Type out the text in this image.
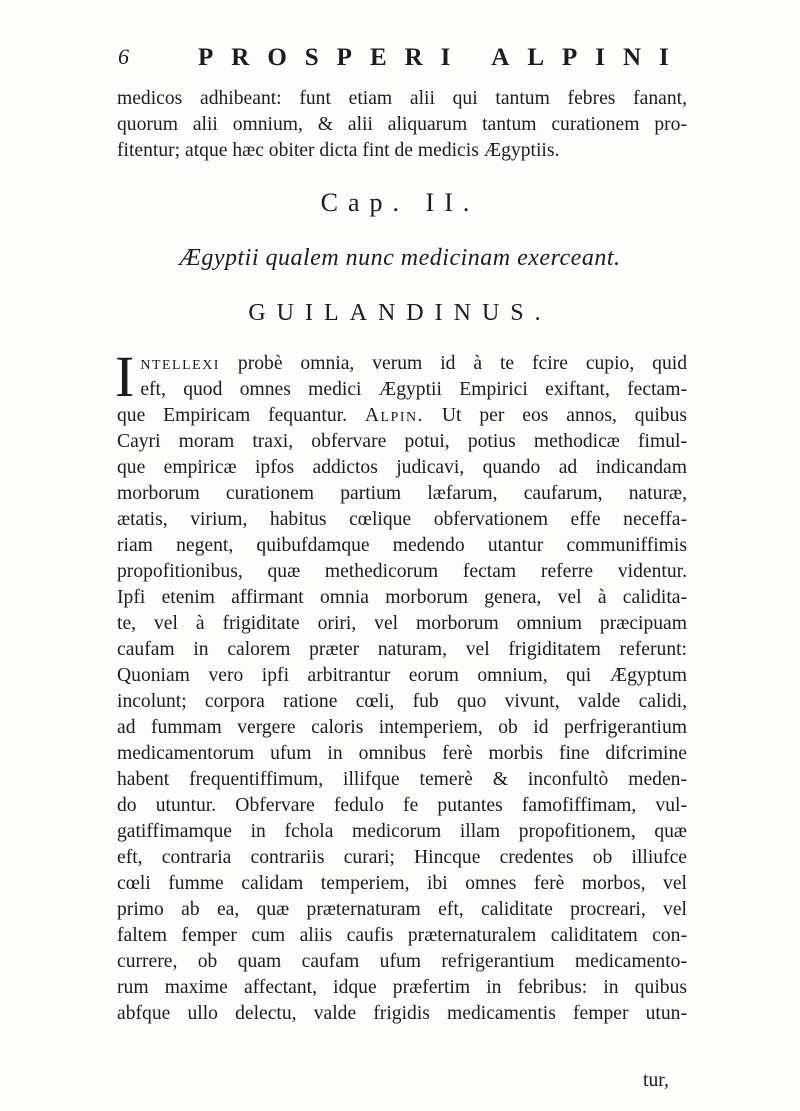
6	PROSPERI ALPINI
medicos adhibeant: funt etiam alii qui tantum febres fanant,
quorum alii omnium, & alii aliquarum tantum curationem pro-
fitentur; atque hæc obiter dicta fint de medicis Ægyptiis.
Cap. II.
Ægyptii qualem nunc medicinam exerceant.
GUILANDINUS.
I ntellexi probè omnia, verum id à te fcire cupio, quid
eft, quod omnes medici Ægyptii Empirici exiftant, fectam-
que Empiricam fequantur. Alpin. Ut per eos annos, quibus
Cayri moram traxi, obfervare potui, potius methodicæ fimul-
que empiricæ ipfos addictos judicavi, quando ad indicandam
morborum curationem partium læfarum, caufarum, naturæ,
ætatis, virium, habitus cœlique obfervationem effe neceffa-
riam negent, quibufdamque medendo utantur communiffimis
propofitionibus, quæ methedicorum fectam referre videntur.
Ipfi etenim affirmant omnia morborum genera, vel à calidita-
te, vel à frigiditate oriri, vel morborum omnium præcipuam
caufam in calorem præter naturam, vel frigiditatem referunt:
Quoniam vero ipfi arbitrantur eorum omnium, qui Ægyptum
incolunt; corpora ratione cœli, fub quo vivunt, valde calidi,
ad fummam vergere caloris intemperiem, ob id perfrigerantium
medicamentorum ufum in omnibus ferè morbis fine difcrimine
habent frequentiffimum, illifque temerè & inconfultò meden-
do utuntur. Obfervare fedulo fe putantes famofiffimam, vul-
gatiffimamque in fchola medicorum illam propofitionem, quæ
eft, contraria contrariis curari; Hincque credentes ob illiufce
cœli fumme calidam temperiem, ibi omnes ferè morbos, vel
primo ab ea, quæ præternaturam eft, caliditate procreari, vel
faltem femper cum aliis caufis præternaturalem caliditatem con-
currere, ob quam caufam ufum refrigerantium medicamento-
rum maxime affectant, idque præfertim in febribus: in quibus
abfque ullo delectu, valde frigidis medicamentis femper utun-
tur,
